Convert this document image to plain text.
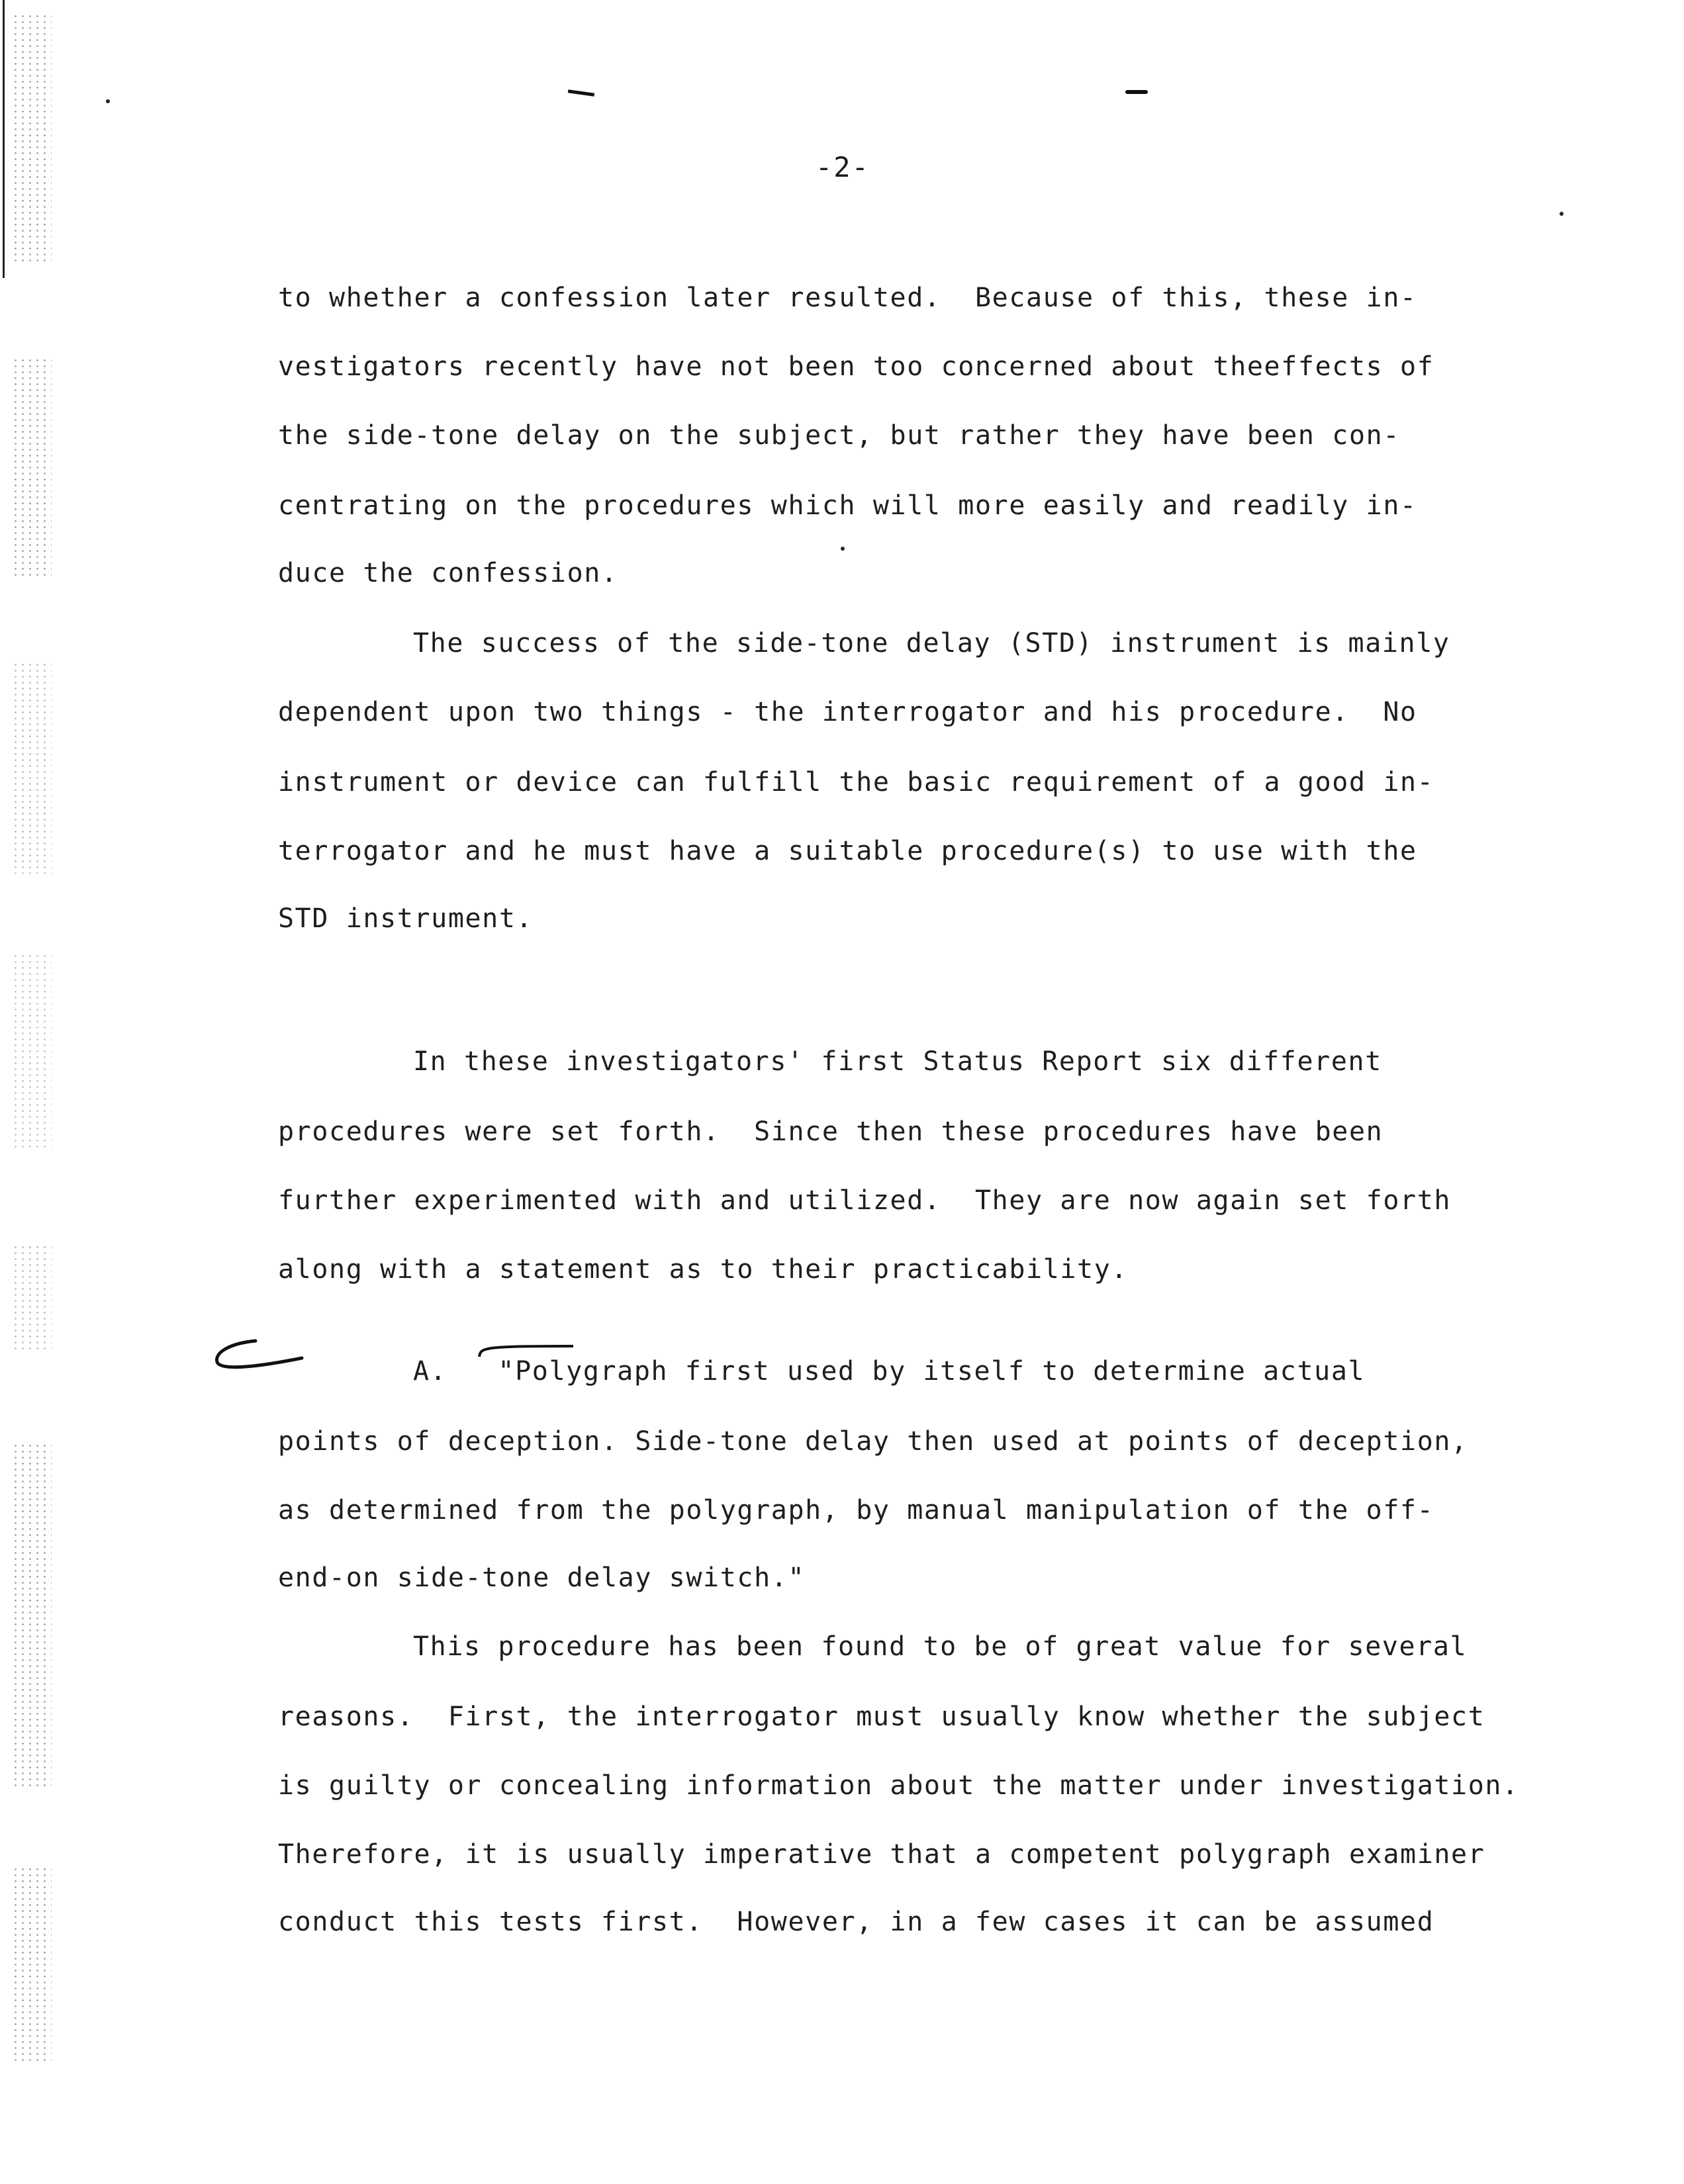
-2-
to whether a confession later resulted.  Because of this, these in-
vestigators recently have not been too concerned about theeffects of
the side-tone delay on the subject, but rather they have been con-
centrating on the procedures which will more easily and readily in-
duce the confession.
The success of the side-tone delay (STD) instrument is mainly
dependent upon two things - the interrogator and his procedure.  No
instrument or device can fulfill the basic requirement of a good in-
terrogator and he must have a suitable procedure(s) to use with the
STD instrument.
In these investigators' first Status Report six different
procedures were set forth.  Since then these procedures have been
further experimented with and utilized.  They are now again set forth
along with a statement as to their practicability.
A.   "Polygraph first used by itself to determine actual
points of deception. Side-tone delay then used at points of deception,
as determined from the polygraph, by manual manipulation of the off-
end-on side-tone delay switch."
This procedure has been found to be of great value for several
reasons.  First, the interrogator must usually know whether the subject
is guilty or concealing information about the matter under investigation.
Therefore, it is usually imperative that a competent polygraph examiner
conduct this tests first.  However, in a few cases it can be assumed
